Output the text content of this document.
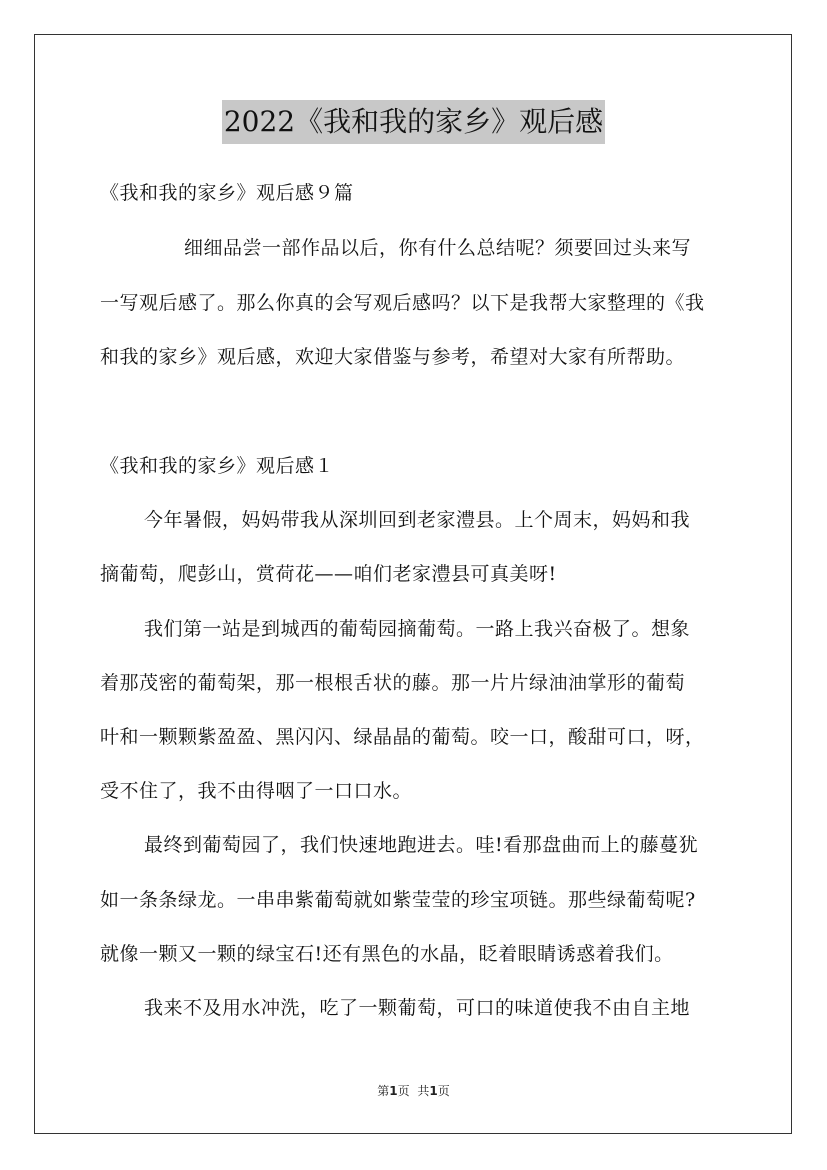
2022《我和我的家乡》观后感
《我和我的家乡》观后感９篇
细细品尝一部作品以后，你有什么总结呢？须要回过头来写
一写观后感了。那么你真的会写观后感吗？以下是我帮大家整理的《我
和我的家乡》观后感，欢迎大家借鉴与参考，希望对大家有所帮助。
《我和我的家乡》观后感１
今年暑假，妈妈带我从深圳回到老家澧县。上个周末，妈妈和我
摘葡萄，爬彭山，赏荷花——咱们老家澧县可真美呀!
我们第一站是到城西的葡萄园摘葡萄。一路上我兴奋极了。想象
着那茂密的葡萄架，那一根根舌状的藤。那一片片绿油油掌形的葡萄
叶和一颗颗紫盈盈、黑闪闪、绿晶晶的葡萄。咬一口，酸甜可口，呀，
受不住了，我不由得咽了一口口水。
最终到葡萄园了，我们快速地跑进去。哇!看那盘曲而上的藤蔓犹
如一条条绿龙。一串串紫葡萄就如紫莹莹的珍宝项链。那些绿葡萄呢?
就像一颗又一颗的绿宝石!还有黑色的水晶，眨着眼睛诱惑着我们。
我来不及用水冲洗，吃了一颗葡萄，可口的味道使我不由自主地
第1页 共1页
